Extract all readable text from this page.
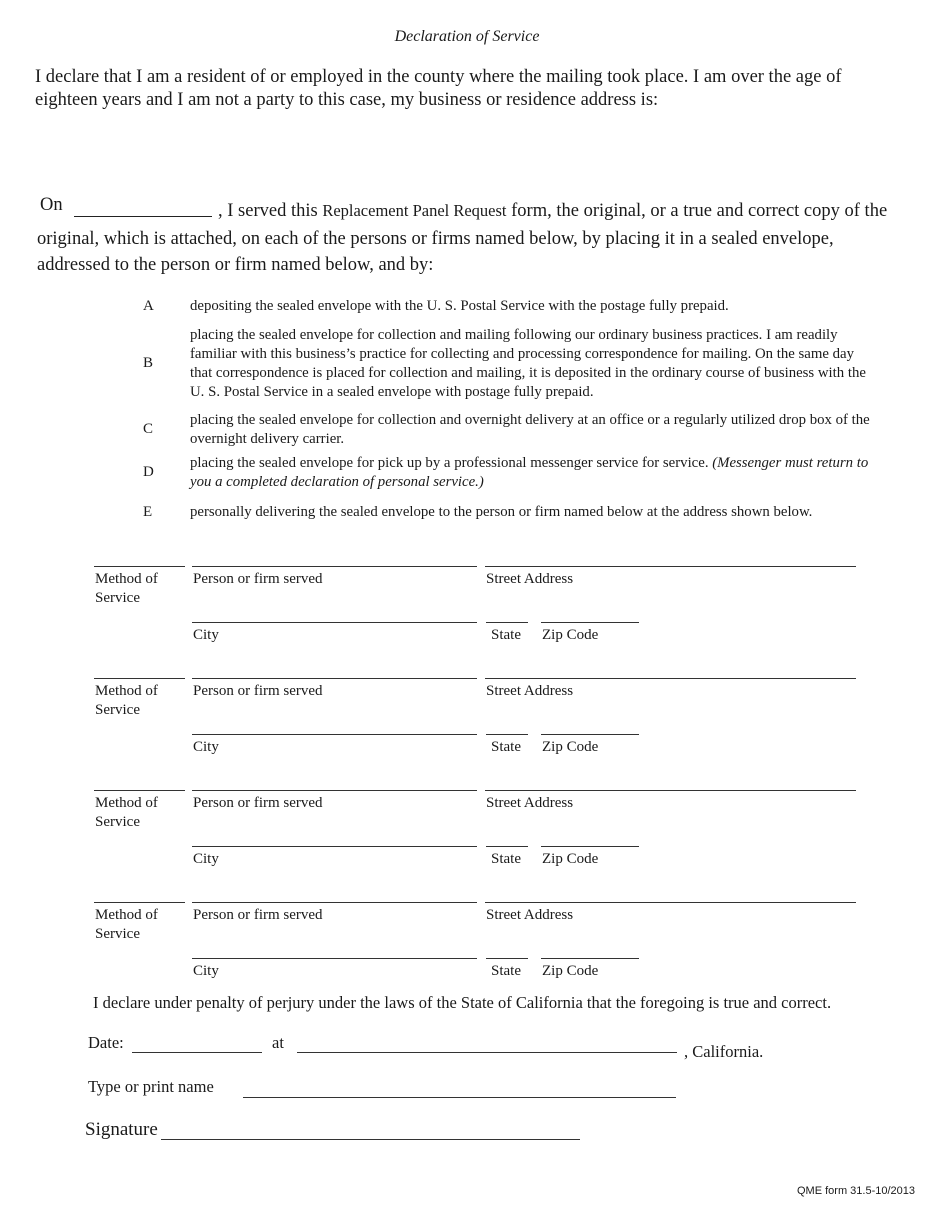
Declaration of Service
I declare that I am a resident of or employed in the county where the mailing took place. I am over the age of eighteen years and I am not a party to this case, my business or residence address is:
On	, I served this Replacement Panel Request form, the original, or a true and correct copy of the
original, which is attached, on each of the persons or firms named below, by placing it in a sealed envelope,
addressed to the person or firm named below, and by:
A depositing the sealed envelope with the U. S. Postal Service with the postage fully prepaid.
B
placing the sealed envelope for collection and mailing following our ordinary business practices. I am readily familiar with this business’s practice for collecting and processing correspondence for mailing. On the same day that correspondence is placed for collection and mailing, it is deposited in the ordinary course of business with the U. S. Postal Service in a sealed envelope with postage fully prepaid.
C
placing the sealed envelope for collection and overnight delivery at an office or a regularly utilized drop box of the overnight delivery carrier.
D
placing the sealed envelope for pick up by a professional messenger service for service. (Messenger must return to you a completed declaration of personal service.)
E	personally delivering the sealed envelope to the person or firm named below at the address shown below.
Method of Service
Person or firm served	Street Address
City	State Zip Code
Method of Service
Person or firm served	Street Address
City	State Zip Code
Method of Service
Person or firm served	Street Address
City	State Zip Code
Method of Service
Person or firm served	Street Address
City	State Zip Code
I declare under penalty of perjury under the laws of the State of California that the foregoing is true and correct.
Date:	at	, California.
Type or print name
Signature
QME form 31.5-10/2013
